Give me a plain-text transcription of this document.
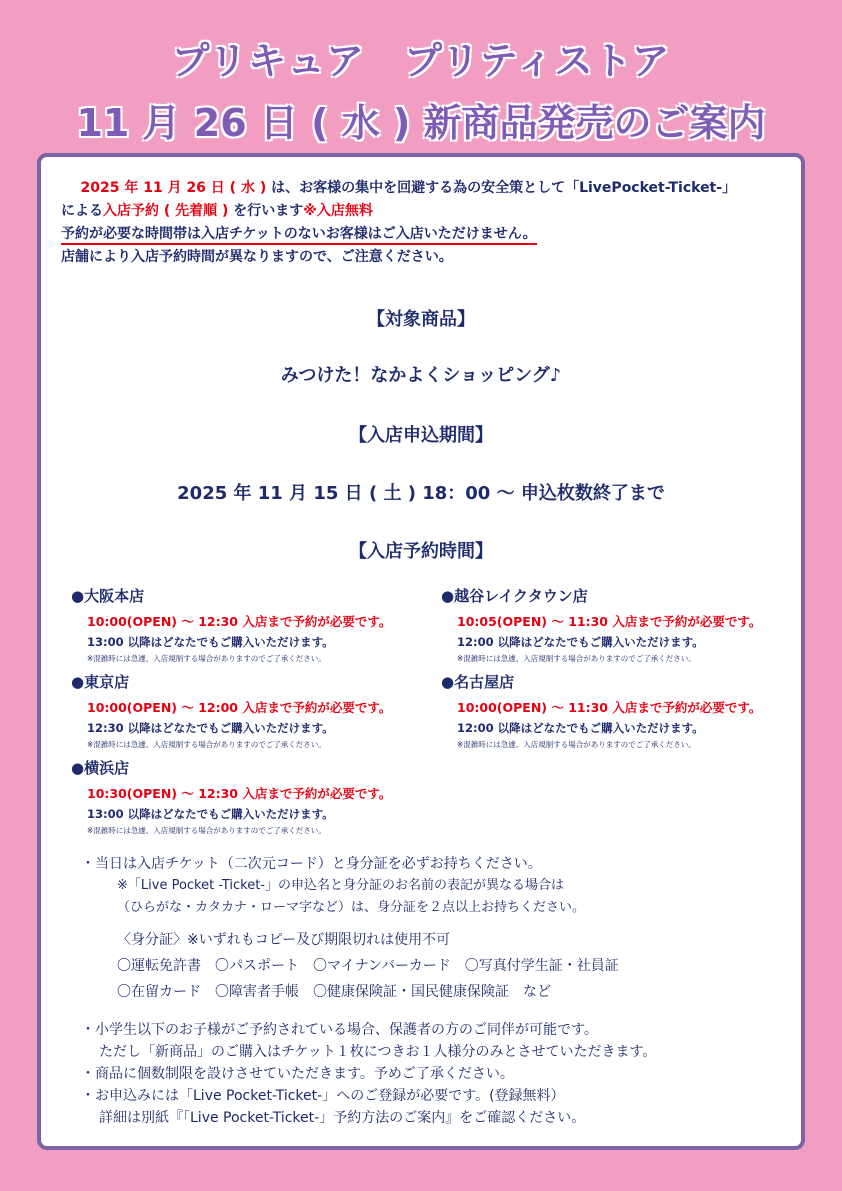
プリキュア　プリティストア
11 月 26 日 ( 水 ) 新商品発売のご案内
2025 年 11 月 26 日 ( 水 ) は、お客様の集中を回避する為の安全策として「LivePocket-Ticket-」
による入店予約 ( 先着順 ) を行います※入店無料
予約が必要な時間帯は入店チケットのないお客様はご入店いただけません。
店舗により入店予約時間が異なりますので、ご注意ください。
【対象商品】
みつけた！なかよくショッピング♪
【入店申込期間】
2025 年 11 月 15 日 ( 土 ) 18：00 ～ 申込枚数終了まで
【入店予約時間】
●大阪本店
10:00(OPEN) ～ 12:30 入店まで予約が必要です。
13:00 以降はどなたでもご購入いただけます。
※混雑時には急遽、入店規制する場合がありますのでご了承ください。
●越谷レイクタウン店
10:05(OPEN) ～ 11:30 入店まで予約が必要です。
12:00 以降はどなたでもご購入いただけます。
※混雑時には急遽、入店規制する場合がありますのでご了承ください。
●東京店
10:00(OPEN) ～ 12:00 入店まで予約が必要です。
12:30 以降はどなたでもご購入いただけます。
※混雑時には急遽、入店規制する場合がありますのでご了承ください。
●名古屋店
10:00(OPEN) ～ 11:30 入店まで予約が必要です。
12:00 以降はどなたでもご購入いただけます。
※混雑時には急遽、入店規制する場合がありますのでご了承ください。
●横浜店
10:30(OPEN) ～ 12:30 入店まで予約が必要です。
13:00 以降はどなたでもご購入いただけます。
※混雑時には急遽、入店規制する場合がありますのでご了承ください。
・当日は入店チケット（二次元コード）と身分証を必ずお持ちください。
※「Live Pocket -Ticket-」の申込名と身分証のお名前の表記が異なる場合は
（ひらがな・カタカナ・ローマ字など）は、身分証を２点以上お持ちください。
〈身分証〉※いずれもコピー及び期限切れは使用不可
〇運転免許書　〇パスポート　〇マイナンバーカード　〇写真付学生証・社員証
〇在留カード　〇障害者手帳　〇健康保険証・国民健康保険証　など
・小学生以下のお子様がご予約されている場合、保護者の方のご同伴が可能です。
ただし「新商品」のご購入はチケット１枚につきお１人様分のみとさせていただきます。
・商品に個数制限を設けさせていただきます。予めご了承ください。
・お申込みには「Live Pocket-Ticket-」へのご登録が必要です。(登録無料）
詳細は別紙『「Live Pocket-Ticket-」予約方法のご案内』をご確認ください。
